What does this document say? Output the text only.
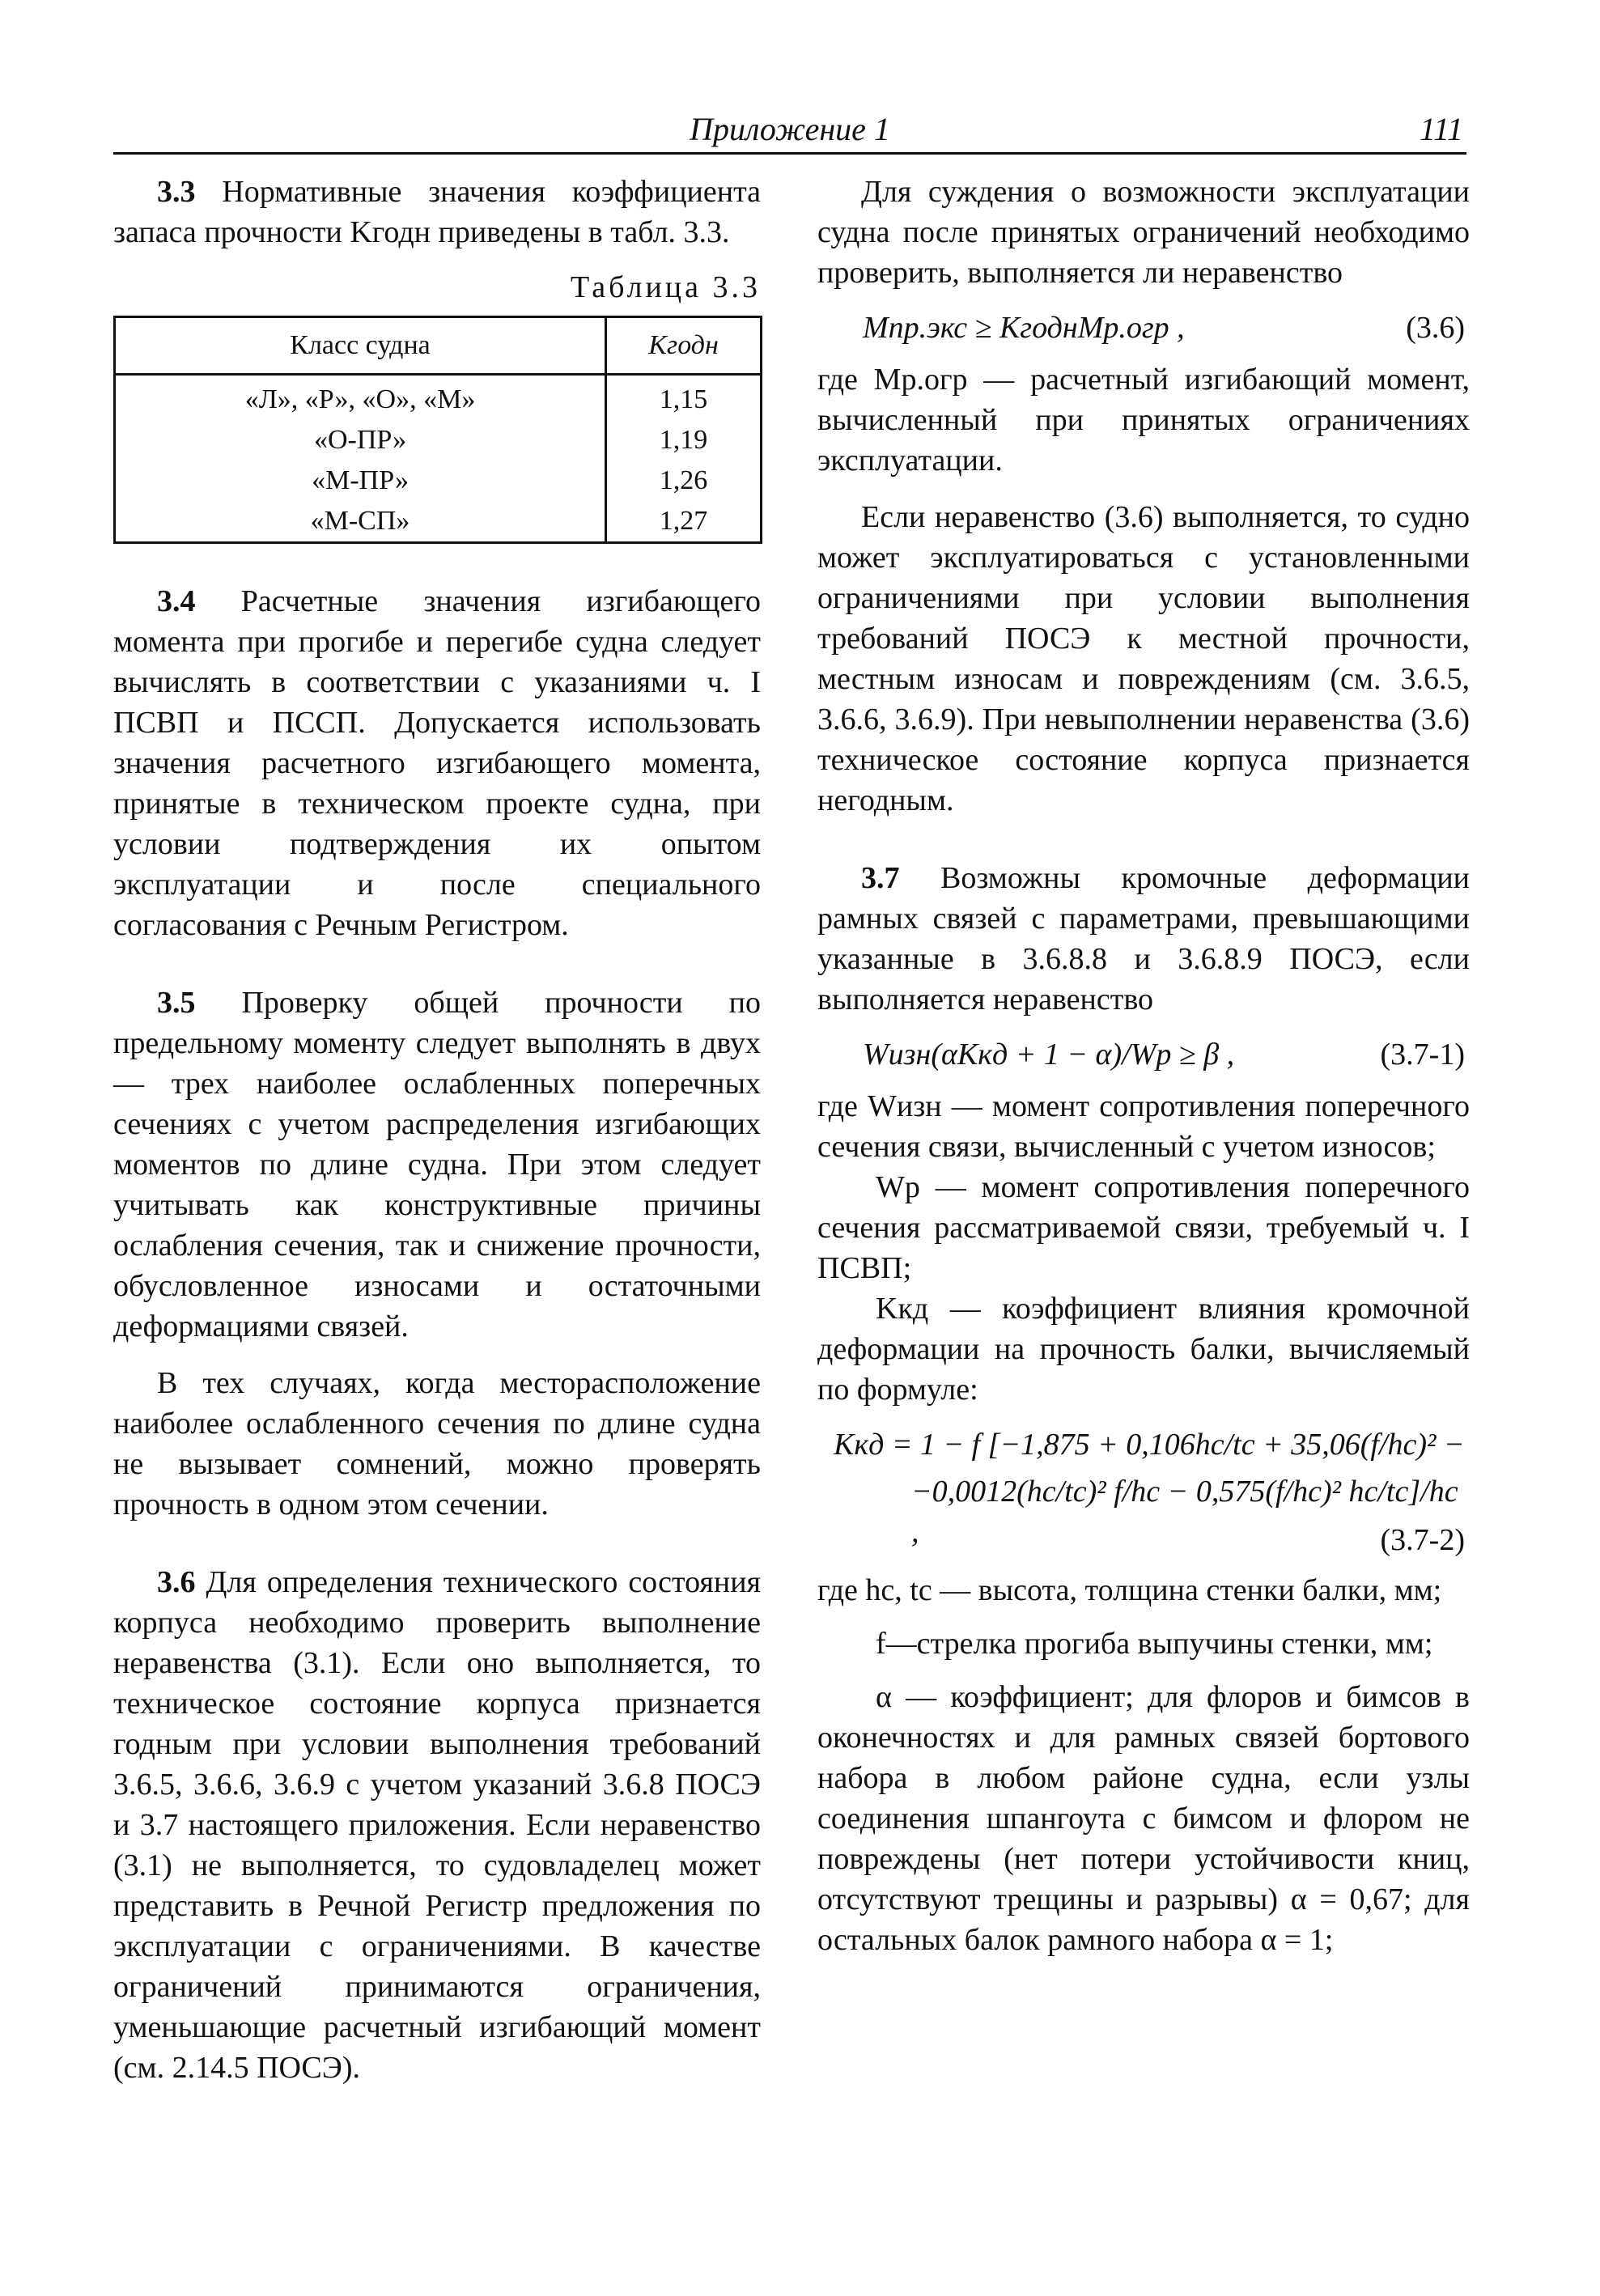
Приложение 1	111

3.3 Нормативные значения коэффициента запаса прочности Kгодн приведены в табл. 3.3.

Таблица 3.3
Класс судна	Kгодн
«Л», «Р», «О», «М»	1,15
«О-ПР»	1,19
«М-ПР»	1,26
«М-СП»	1,27

3.4 Расчетные значения изгибающего момента при прогибе и перегибе судна следует вычислять в соответствии с указаниями ч. I ПСВП и ПССП. Допускается использовать значения расчетного изгибающего момента, принятые в техническом проекте судна, при условии подтверждения их опытом эксплуатации и после специального согласования с Речным Регистром.

3.5 Проверку общей прочности по предельному моменту следует выполнять в двух — трех наиболее ослабленных поперечных сечениях с учетом распределения изгибающих моментов по длине судна. При этом следует учитывать как конструктивные причины ослабления сечения, так и снижение прочности, обусловленное износами и остаточными деформациями связей.

В тех случаях, когда месторасположение наиболее ослабленного сечения по длине судна не вызывает сомнений, можно проверять прочность в одном этом сечении.

3.6 Для определения технического состояния корпуса необходимо проверить выполнение неравенства (3.1). Если оно выполняется, то техническое состояние корпуса признается годным при условии выполнения требований 3.6.5, 3.6.6, 3.6.9 с учетом указаний 3.6.8 ПОСЭ и 3.7 настоящего приложения. Если неравенство (3.1) не выполняется, то судовладелец может представить в Речной Регистр предложения по эксплуатации с ограничениями. В качестве ограничений принимаются ограничения, уменьшающие расчетный изгибающий момент (см. 2.14.5 ПОСЭ).

Для суждения о возможности эксплуатации судна после принятых ограничений необходимо проверить, выполняется ли неравенство

Mпр.экс ≥ KгоднMр.огр ,	(3.6)

где Mр.огр — расчетный изгибающий момент, вычисленный при принятых ограничениях эксплуатации.

Если неравенство (3.6) выполняется, то судно может эксплуатироваться с установленными ограничениями при условии выполнения требований ПОСЭ к местной прочности, местным износам и повреждениям (см. 3.6.5, 3.6.6, 3.6.9). При невыполнении неравенства (3.6) техническое состояние корпуса признается негодным.

3.7 Возможны кромочные деформации рамных связей с параметрами, превышающими указанные в 3.6.8.8 и 3.6.8.9 ПОСЭ, если выполняется неравенство

Wизн(αKкд + 1 − α)/Wр ≥ β ,	(3.7-1)

где Wизн — момент сопротивления поперечного сечения связи, вычисленный с учетом износов;

Wр — момент сопротивления поперечного сечения рассматриваемой связи, требуемый ч. I ПСВП;

Kкд — коэффициент влияния кромочной деформации на прочность балки, вычисляемый по формуле:

Kкд = 1 − f [−1,875 + 0,106hс/tс + 35,06(f/hс)² −
−0,0012(hс/tс)² f/hс − 0,575(f/hс)² hс/tс]/hс ,	(3.7-2)

где hс, tс — высота, толщина стенки балки, мм;

f—стрелка прогиба выпучины стенки, мм;

α — коэффициент; для флоров и бимсов в оконечностях и для рамных связей бортового набора в любом районе судна, если узлы соединения шпангоута с бимсом и флором не повреждены (нет потери устойчивости книц, отсутствуют трещины и разрывы) α = 0,67; для остальных балок рамного набора α = 1;
